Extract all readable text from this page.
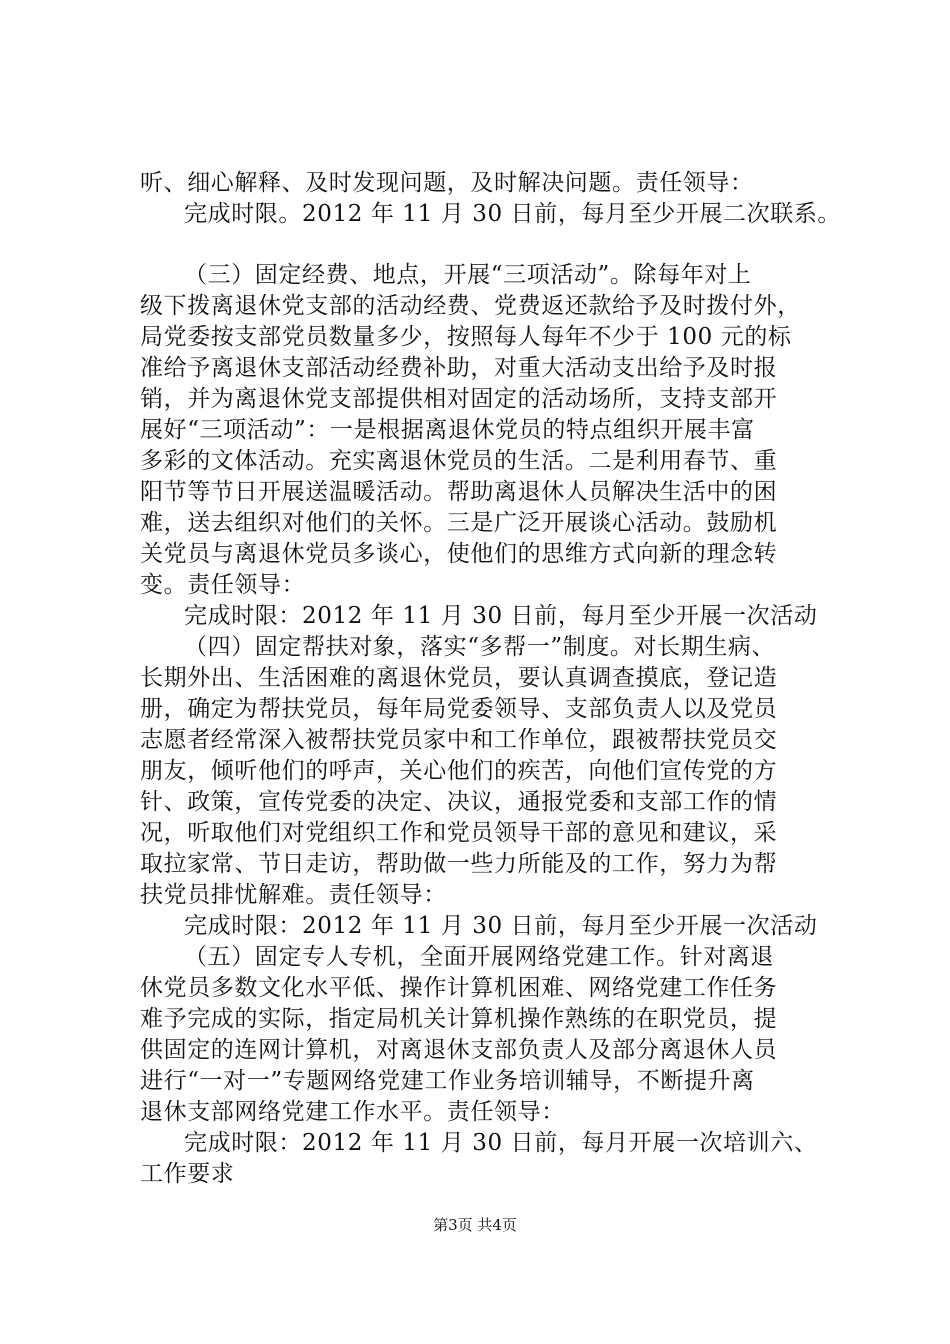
听、细心解释、及时发现问题，及时解决问题。责任领导：
完成时限。2012 年 11 月 30 日前，每月至少开展二次联系。
（三）固定经费、地点，开展“三项活动”。除每年对上
级下拨离退休党支部的活动经费、党费返还款给予及时拨付外，
局党委按支部党员数量多少，按照每人每年不少于 100 元的标
准给予离退休支部活动经费补助，对重大活动支出给予及时报
销，并为离退休党支部提供相对固定的活动场所，支持支部开
展好“三项活动”：一是根据离退休党员的特点组织开展丰富
多彩的文体活动。充实离退休党员的生活。二是利用春节、重
阳节等节日开展送温暖活动。帮助离退休人员解决生活中的困
难，送去组织对他们的关怀。三是广泛开展谈心活动。鼓励机
关党员与离退休党员多谈心，使他们的思维方式向新的理念转
变。责任领导：
完成时限：2012 年 11 月 30 日前，每月至少开展一次活动
（四）固定帮扶对象，落实“多帮一”制度。对长期生病、
长期外出、生活困难的离退休党员，要认真调查摸底，登记造
册，确定为帮扶党员，每年局党委领导、支部负责人以及党员
志愿者经常深入被帮扶党员家中和工作单位，跟被帮扶党员交
朋友，倾听他们的呼声，关心他们的疾苦，向他们宣传党的方
针、政策，宣传党委的决定、决议，通报党委和支部工作的情
况，听取他们对党组织工作和党员领导干部的意见和建议，采
取拉家常、节日走访，帮助做一些力所能及的工作，努力为帮
扶党员排忧解难。责任领导：
完成时限：2012 年 11 月 30 日前，每月至少开展一次活动
（五）固定专人专机，全面开展网络党建工作。针对离退
休党员多数文化水平低、操作计算机困难、网络党建工作任务
难予完成的实际，指定局机关计算机操作熟练的在职党员，提
供固定的连网计算机，对离退休支部负责人及部分离退休人员
进行“一对一”专题网络党建工作业务培训辅导，不断提升离
退休支部网络党建工作水平。责任领导：
完成时限：2012 年 11 月 30 日前，每月开展一次培训六、
工作要求
第3页 共4页
